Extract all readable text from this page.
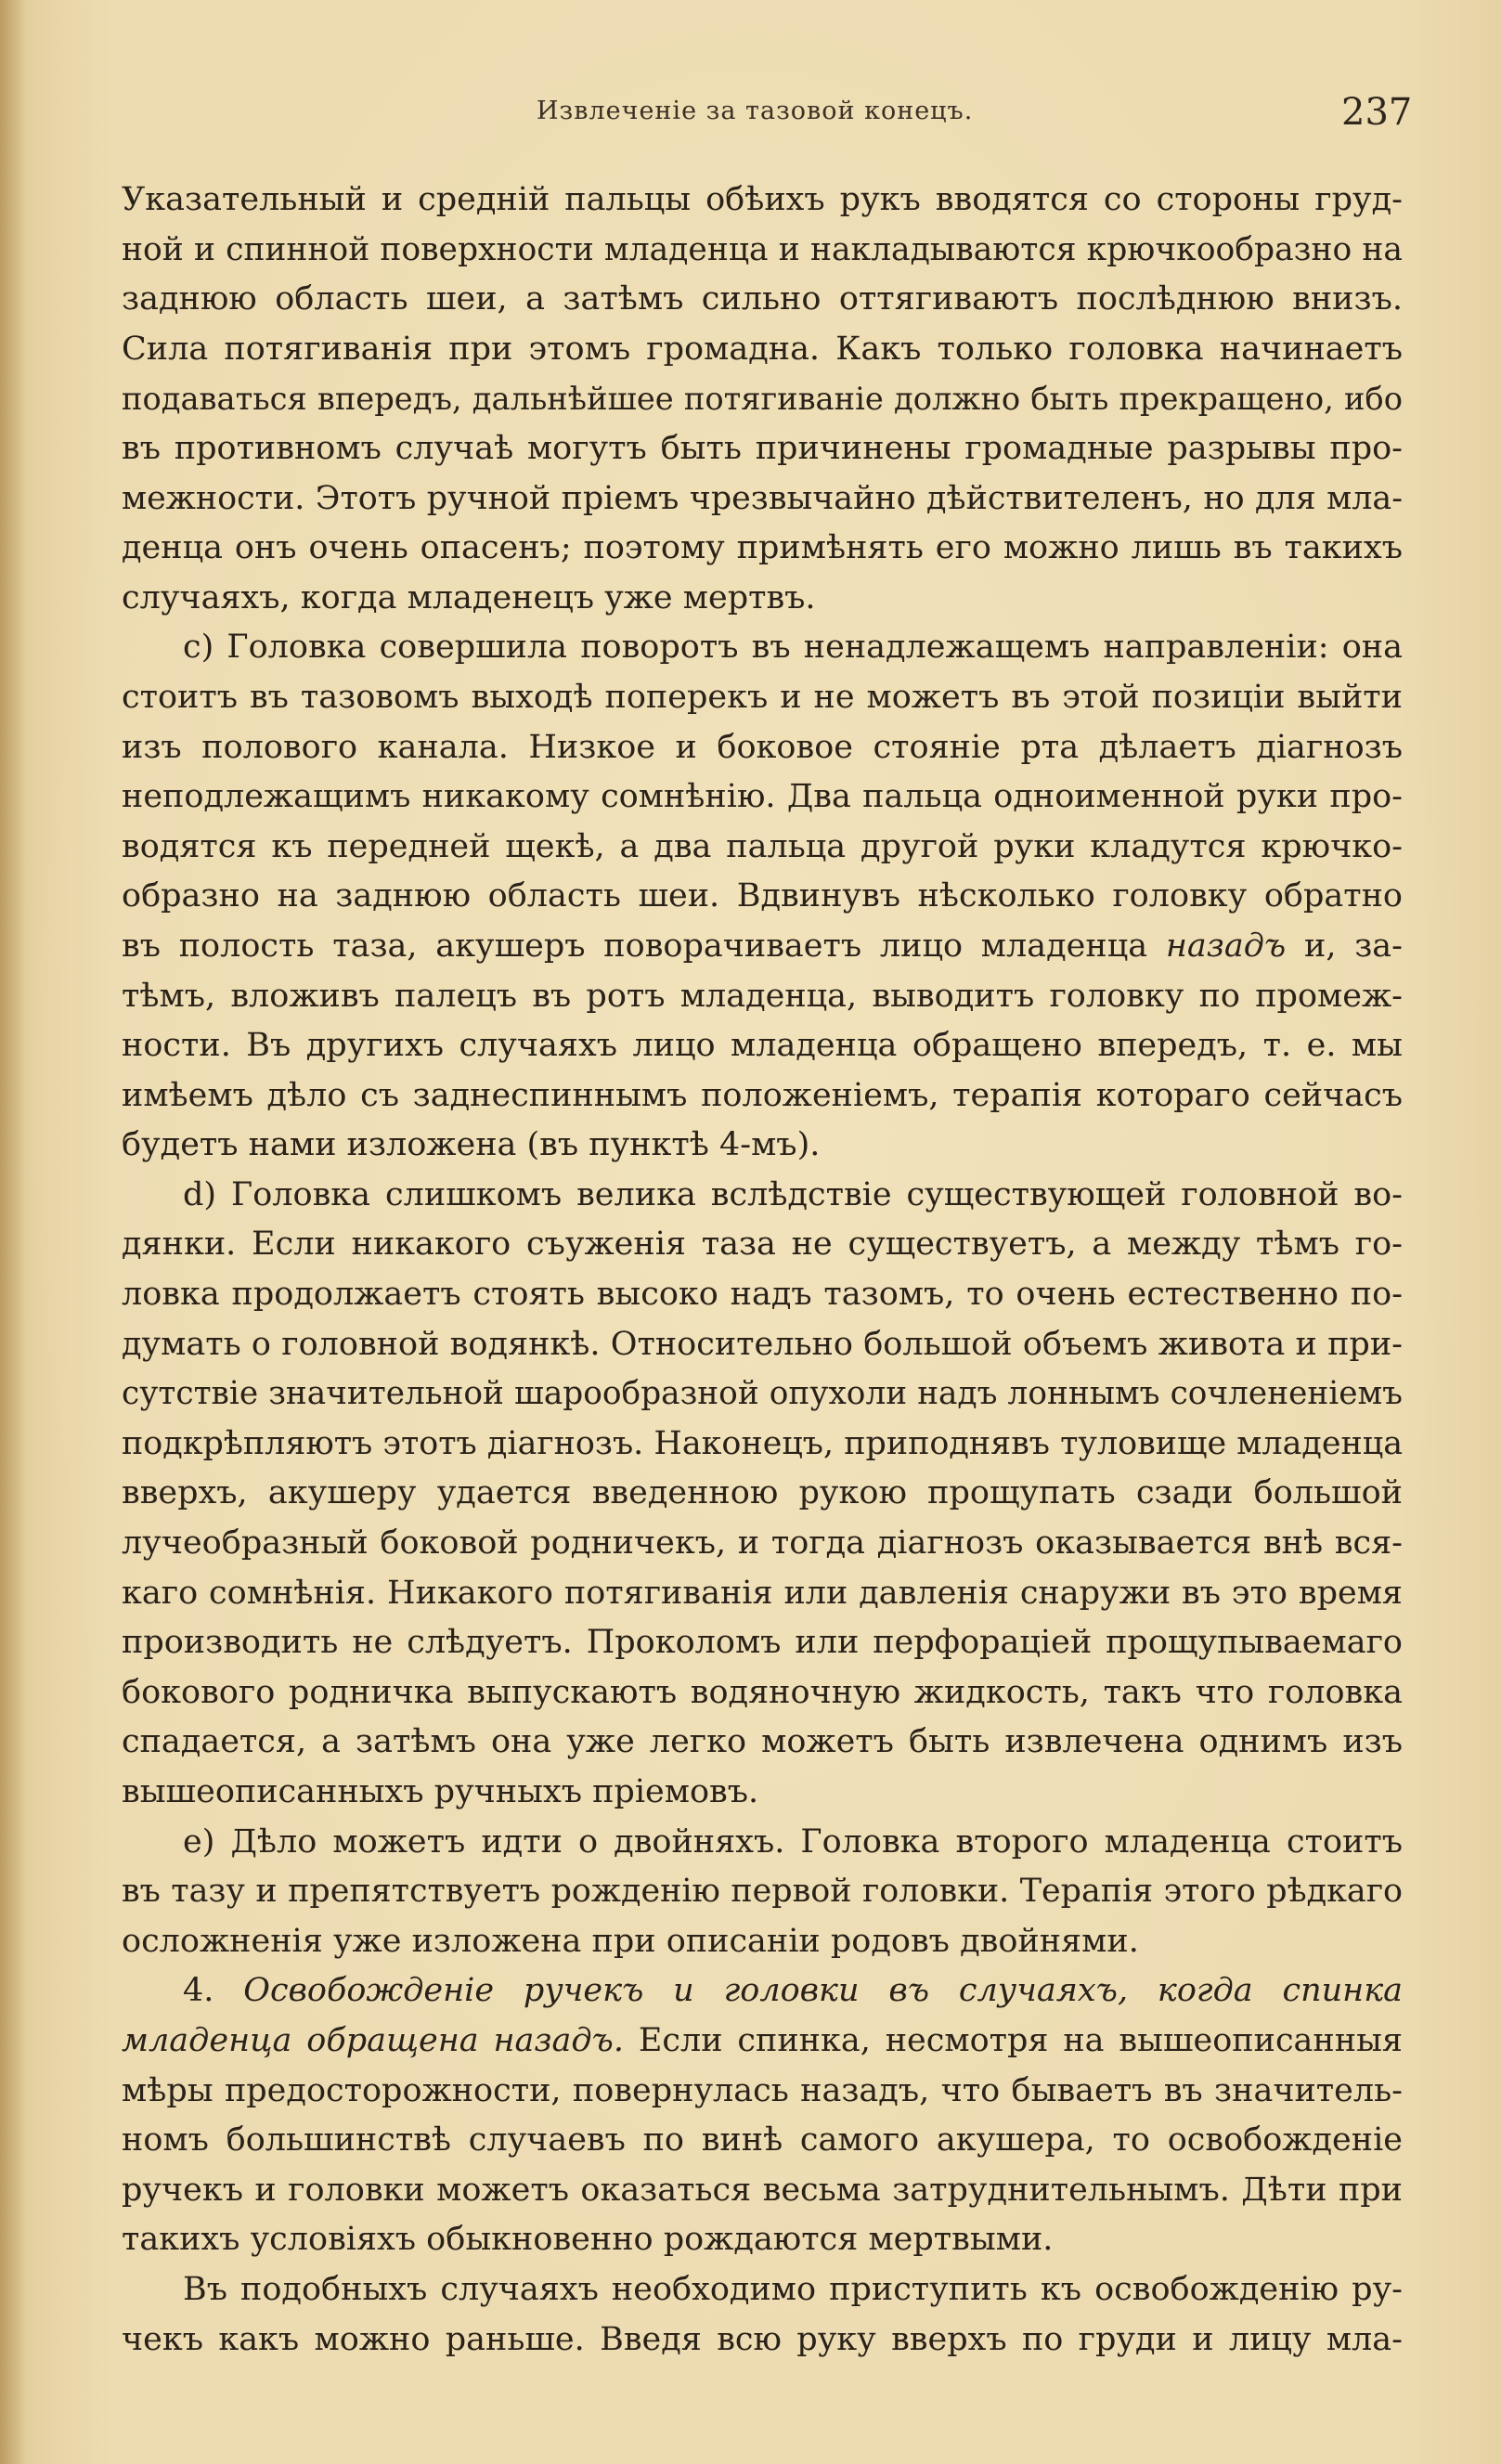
Извлеченіе за тазовой конецъ.	237
Указательный и средній пальцы обѣихъ рукъ вводятся со стороны груд-
ной и спинной поверхности младенца и накладываются крючкообразно на
заднюю область шеи, а затѣмъ сильно оттягиваютъ послѣднюю внизъ.
Сила потягиванія при этомъ громадна. Какъ только головка начинаетъ
подаваться впередъ, дальнѣйшее потягиваніе должно быть прекращено, ибо
въ противномъ случаѣ могутъ быть причинены громадные разрывы про-
межности. Этотъ ручной пріемъ чрезвычайно дѣйствителенъ, но для мла-
денца онъ очень опасенъ; поэтому примѣнять его можно лишь въ такихъ
случаяхъ, когда младенецъ уже мертвъ.
c) Головка совершила поворотъ въ ненадлежащемъ направленіи: она
стоитъ въ тазовомъ выходѣ поперекъ и не можетъ въ этой позиціи выйти
изъ полового канала. Низкое и боковое стояніе рта дѣлаетъ діагнозъ
неподлежащимъ никакому сомнѣнію. Два пальца одноименной руки про-
водятся къ передней щекѣ, а два пальца другой руки кладутся крючко-
образно на заднюю область шеи. Вдвинувъ нѣсколько головку обратно
въ полость таза, акушеръ поворачиваетъ лицо младенца назадъ и, за-
тѣмъ, вложивъ палецъ въ ротъ младенца, выводитъ головку по промеж-
ности. Въ другихъ случаяхъ лицо младенца обращено впередъ, т. е. мы
имѣемъ дѣло съ заднеспиннымъ положеніемъ, терапія котораго сейчасъ
будетъ нами изложена (въ пунктѣ 4-мъ).
d) Головка слишкомъ велика вслѣдствіе существующей головной во-
дянки. Если никакого съуженія таза не существуетъ, а между тѣмъ го-
ловка продолжаетъ стоять высоко надъ тазомъ, то очень естественно по-
думать о головной водянкѣ. Относительно большой объемъ живота и при-
сутствіе значительной шарообразной опухоли надъ лоннымъ сочлененіемъ
подкрѣпляютъ этотъ діагнозъ. Наконецъ, приподнявъ туловище младенца
вверхъ, акушеру удается введенною рукою прощупать сзади большой
лучеобразный боковой родничекъ, и тогда діагнозъ оказывается внѣ вся-
каго сомнѣнія. Никакого потягиванія или давленія снаружи въ это время
производить не слѣдуетъ. Прокoломъ или перфораціей прощупываемаго
бокового родничка выпускаютъ водяночную жидкость, такъ что головка
спадается, а затѣмъ она уже легко можетъ быть извлечена однимъ изъ
вышеописанныхъ ручныхъ пріемовъ.
e) Дѣло можетъ идти о двойняхъ. Головка второго младенца стоитъ
въ тазу и препятствуетъ рожденію первой головки. Терапія этого рѣдкаго
осложненія уже изложена при описаніи родовъ двойнями.
4. Освобожденіе ручекъ и головки въ случаяхъ, когда спинка
младенца обращена назадъ. Если спинка, несмотря на вышеописанныя
мѣры предосторожности, повернулась назадъ, что бываетъ въ значитель-
номъ большинствѣ случаевъ по винѣ самого акушера, то освобожденіе
ручекъ и головки можетъ оказаться весьма затруднительнымъ. Дѣти при
такихъ условіяхъ обыкновенно рождаются мертвыми.
Въ подобныхъ случаяхъ необходимо приступить къ освобожденію ру-
чекъ какъ можно раньше. Введя всю руку вверхъ по груди и лицу мла-
